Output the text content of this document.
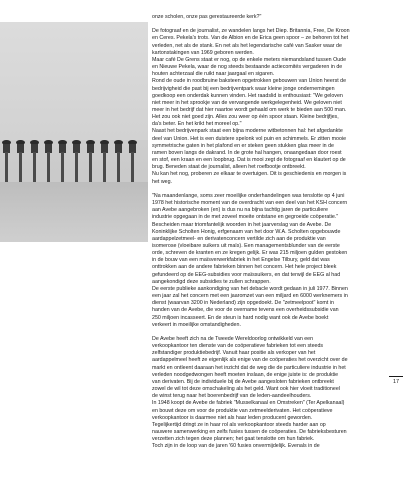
onze scholen, onze pas gerestaureerde kerk?"

De fotograaf en de journalist, ze wandelen langs het Diep. Britannia, Free, De Kroon
en Ceres. Pekela's trots. Van de Albion en de Erica geen spoor – ze behoren tot het
verleden, net als de stank. En net als het legendarische café van Sasker waar de
kartonstakingen van 1969 geboren werden.
Maar café De Grens staat er nog, op de enkele meters niemandsland tussen Oude
en Nieuwe Pekela, waar de nog steeds bestaande actiecomités vergaderen in de
houten achterzaal die ruikt naar jaargaal en sigaren.
Rond de oude in roodbruine baksteen opgetrokken gebouwen van Union heerst de
bedrijvigheid die past bij een bedrijventpark waar kleine jonge ondernemingen
goedkoop een onderdak kunnen vinden. Het raadslid is enthousiast: "We geloven
niet meer in het sprookje van de vervangende werkgelegenheid. We geloven niet
meer in het bedrijf dat hier naartoe wordt gehaald om werk te bieden aan 500 man.
Het zou ook niet goed zijn. Alles zou weer op één spoor staan. Kleine bedrijfjes,
da's beter. En het krikt het moreel op."
Naast het bedrijvenpark staat een bijna moderne witbetonnen hal: het afgedankte
deel van Union. Het is een duistere spelonk vol puin en schimmels. Er zitten mooie
symmetrische gaten in het plafond en er steken geen stukken glas meer in de
ramen boven langs de dakrand. In de grote hal hangen, onaangedaan door roest
en stof, een kraan en een loopbrug. Dat is mooi zegt de fotograaf en klautert op de
brug. Beneden staat de journalist, alleen het roefbootje ontbreekt.
Nu kan het nog, proberen ze elkaar te overtuigen. Dit is geschiedenis en morgen is
het weg.

"Na maandenlange, soms zeer moeilijke onderhandelingen was tenslotte op 4 juni
1978 het historische moment van de overdracht van een deel van het KSH concern
aan Avebe aangebroken (en) is dus nu na bijna tachtig jaren de particuliere
industrie opgegaan in de met zoveel moeite ontstane en gegroeide coöperatie."
Bescheiden maar triomfantelijk woorden in het jaarverslag van de Avebe. De
Koninklijke Scholten Honig, erfgenaam van het door W.A. Scholten opgebouwde
aardappelzetmeel- en derivatenconcern vertilde zich aan de produktie van
isomerose (vloeibare suikers uit maïs). Een managementsblunder van de eerste
orde, schreven de kranten en ze kregen gelijk. Er was 215 miljoen gulden gestoken
in de bouw van een maïsverwerkfabriek in het Engelse Tilbury, geld dat was
onttrokken aan de andere fabrieken binnen het concern. Het hele project bleek
gefundeerd op de EEG-subsidies voor maïssuikers, en dat terwijl de EEG al had
aangekondigd deze subsidies te zullen schrappen.
De eerste publieke aankondiging van het debacle wordt gedaan in juli 1977. Binnen
een jaar zal het concern met een jaaromzet van een miljard en 6000 werknemers in
dienst (waarvan 3200 in Nederland) zijn opgedoekt. De "zetmeelpoot" komt in
handen van de Avebe, die voor de overname tevens een overheidssubsidie van
250 miljoen incasseert. En de steun is hard nodig want ook de Avebe boekt
verkeert in moeilijke omstandigheden.

De Avebe heeft zich na de Tweede Wereldoorlog ontwikkeld van een
verkoopkantoor ten dienste van de coöperatieve fabrieken tot een steeds
zelfstandiger produktiebedrijf. Vanuit haar positie als verkoper van het
aardappelmeel heeft ze eigenlijk als enige van de coöperaties het overzicht over de
markt en ontleent daaraan het inzicht dat de weg die de particuliere industrie in het
verleden noodgedwongen heeft moeten inslaan, de enige juiste is: de produktie
van derivaten. Bij de individuele bij de Avebe aangesloten fabrieken ontbreekt
zowel de wil tot deze omschakeling als het geld. Want ook hier vloeit traditioneel
de winst terug naar het boerenbedrijf van de leden-aandeelhouders.
In 1948 koopt de Avebe de fabriek "Musselkanaal en Omstreken" (Ter Apelkanaal)
en bouwt deze om voor de produktie van zetmeelderivaten. Het coöperatieve
verkoopkantoor is daarmee niet als haar leden producent geworden.
Tegelijkertijd dringt ze in haar rol als verkoopkantoor steeds harder aan op
nauwere samenwerking en zelfs fusies tussen de coöperaties. De fabrieksbesturen
verzetten zich tegen deze plannen; het gaat tenslotte om hun fabriek.
Toch zijn in de loop van de jaren '60 fusies onvermijdelijk. Evenals in de

17
